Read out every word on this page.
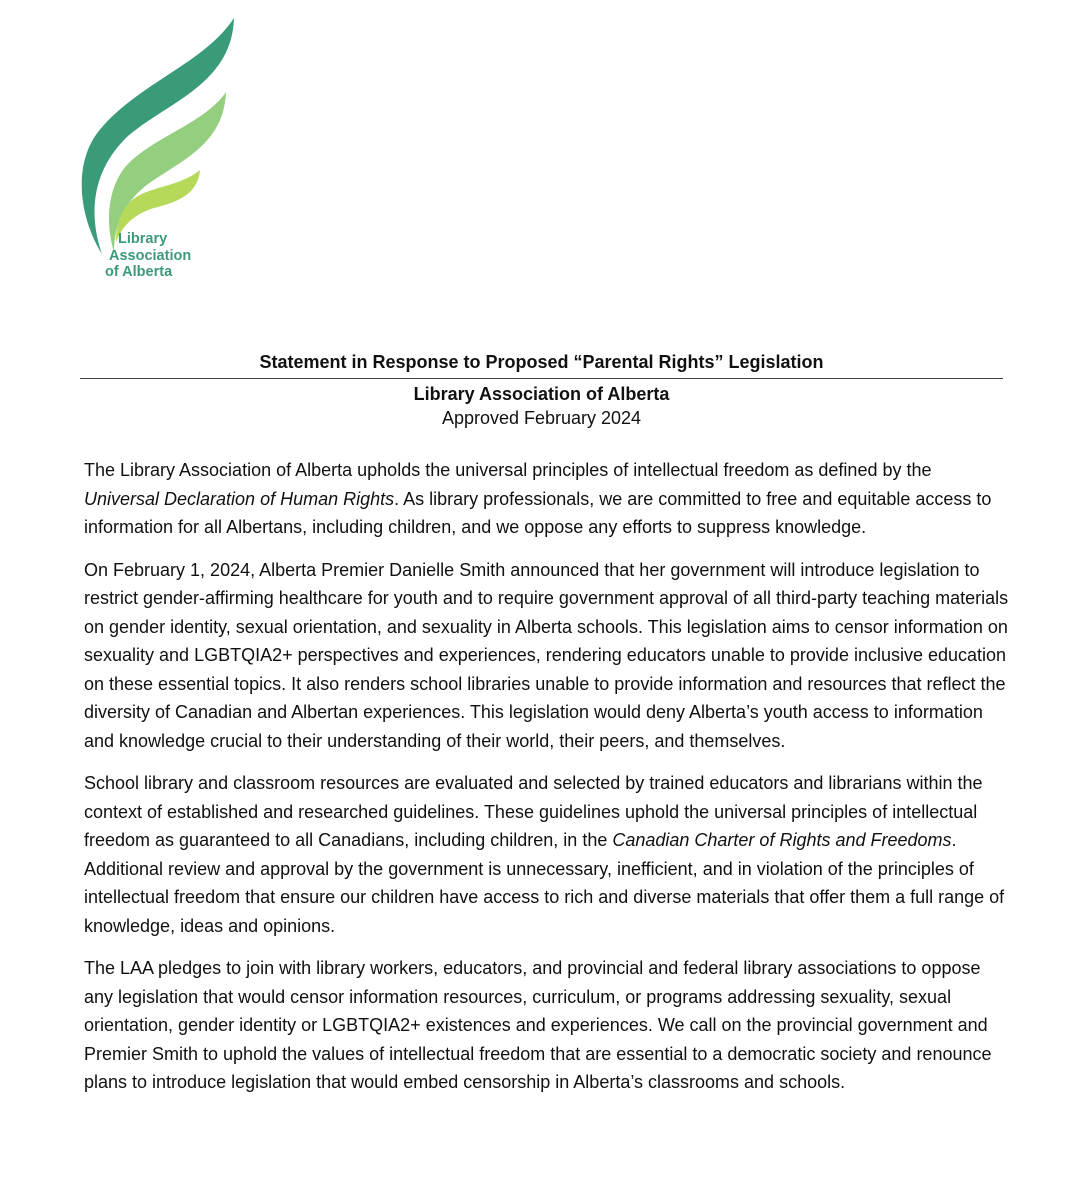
Library
Association
of Alberta
Statement in Response to Proposed “Parental Rights” Legislation
Library Association of Alberta
Approved February 2024

The Library Association of Alberta upholds the universal principles of intellectual freedom as defined by the Universal Declaration of Human Rights. As library professionals, we are committed to free and equitable access to information for all Albertans, including children, and we oppose any efforts to suppress knowledge.

On February 1, 2024, Alberta Premier Danielle Smith announced that her government will introduce legislation to restrict gender-affirming healthcare for youth and to require government approval of all third-party teaching materials on gender identity, sexual orientation, and sexuality in Alberta schools. This legislation aims to censor information on sexuality and LGBTQIA2+ perspectives and experiences, rendering educators unable to provide inclusive education on these essential topics. It also renders school libraries unable to provide information and resources that reflect the diversity of Canadian and Albertan experiences. This legislation would deny Alberta’s youth access to information and knowledge crucial to their understanding of their world, their peers, and themselves.

School library and classroom resources are evaluated and selected by trained educators and librarians within the context of established and researched guidelines. These guidelines uphold the universal principles of intellectual freedom as guaranteed to all Canadians, including children, in the Canadian Charter of Rights and Freedoms. Additional review and approval by the government is unnecessary, inefficient, and in violation of the principles of intellectual freedom that ensure our children have access to rich and diverse materials that offer them a full range of knowledge, ideas and opinions.

The LAA pledges to join with library workers, educators, and provincial and federal library associations to oppose any legislation that would censor information resources, curriculum, or programs addressing sexuality, sexual orientation, gender identity or LGBTQIA2+ existences and experiences. We call on the provincial government and Premier Smith to uphold the values of intellectual freedom that are essential to a democratic society and renounce plans to introduce legislation that would embed censorship in Alberta’s classrooms and schools.
